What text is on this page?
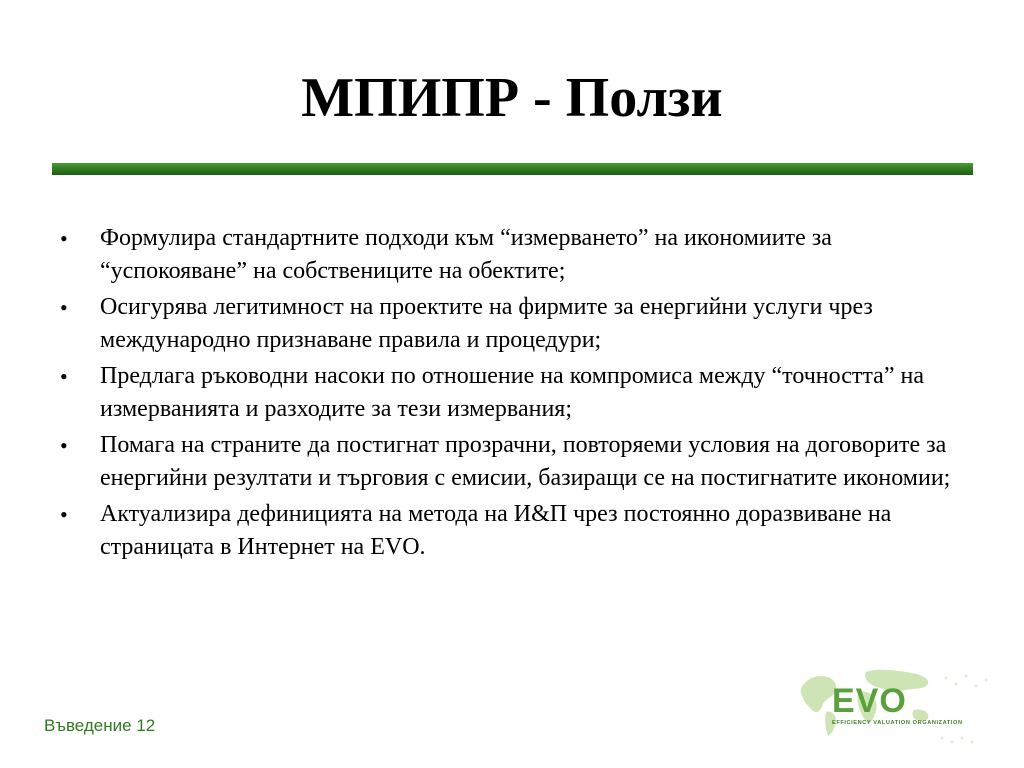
МПИПР - Ползи
•	Формулира стандартните подходи към “измерването” на икономиите за “успокояване” на собствениците на обектите;
•	Осигурява легитимност на проектите на фирмите за енергийни услуги чрез международно признаване правила и процедури;
•	Предлага ръководни насоки по отношение на компромиса между “точността” на измерванията и разходите за тези измервания;
•	Помага на страните да постигнат прозрачни, повторяеми условия на договорите за енергийни резултати и търговия с емисии, базиращи се на постигнатите икономии;
•	Актуализира дефиницията на метода на И&П чрез постоянно доразвиване на страницата в Интернет на EVO.
Въведение 12
EVO
EFFICIENCY VALUATION ORGANIZATION
